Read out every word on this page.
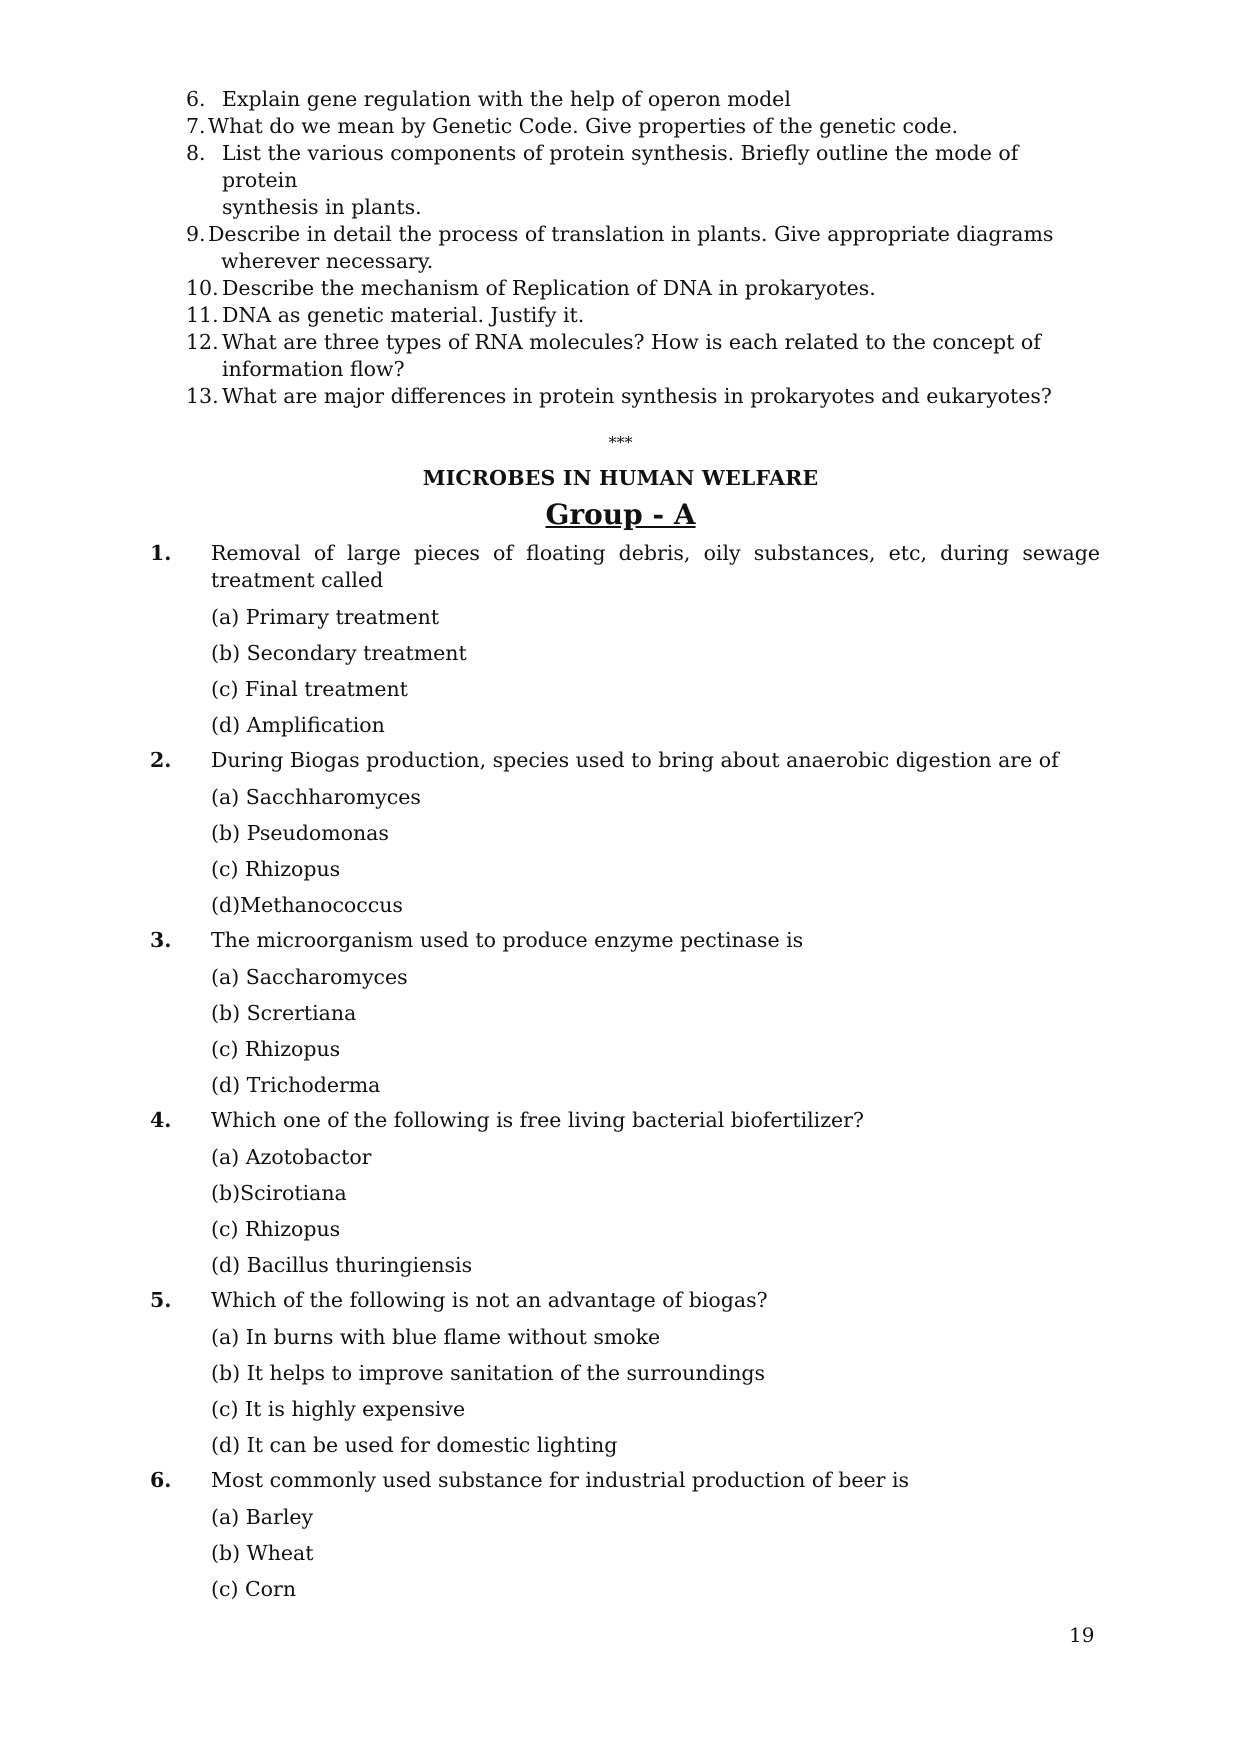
6. Explain gene regulation with the help of operon model
7. What do we mean by Genetic Code. Give properties of the genetic code.
8. List the various components of protein synthesis. Briefly outline the mode of protein
synthesis in plants.
9. Describe in detail the process of translation in plants. Give appropriate diagrams
wherever necessary.
10. Describe the mechanism of Replication of DNA in prokaryotes.
11. DNA as genetic material. Justify it.
12. What are three types of RNA molecules? How is each related to the concept of
information flow?
13. What are major differences in protein synthesis in prokaryotes and eukaryotes?
***
MICROBES IN HUMAN WELFARE
Group - A
1.	Removal of large pieces of floating debris, oily substances, etc, during sewage treatment called
(a) Primary treatment
(b) Secondary treatment
(c) Final treatment
(d) Amplification
2.	During Biogas production, species used to bring about anaerobic digestion are of
(a) Sacchharomyces
(b) Pseudomonas
(c) Rhizopus
(d)Methanococcus
3.	The microorganism used to produce enzyme pectinase is
(a) Saccharomyces
(b) Scrertiana
(c) Rhizopus
(d) Trichoderma
4.	Which one of the following is free living bacterial biofertilizer?
(a) Azotobactor
(b)Scirotiana
(c) Rhizopus
(d) Bacillus thuringiensis
5.	Which of the following is not an advantage of biogas?
(a) In burns with blue flame without smoke
(b) It helps to improve sanitation of the surroundings
(c) It is highly expensive
(d) It can be used for domestic lighting
6.	Most commonly used substance for industrial production of beer is
(a) Barley
(b) Wheat
(c) Corn
19
